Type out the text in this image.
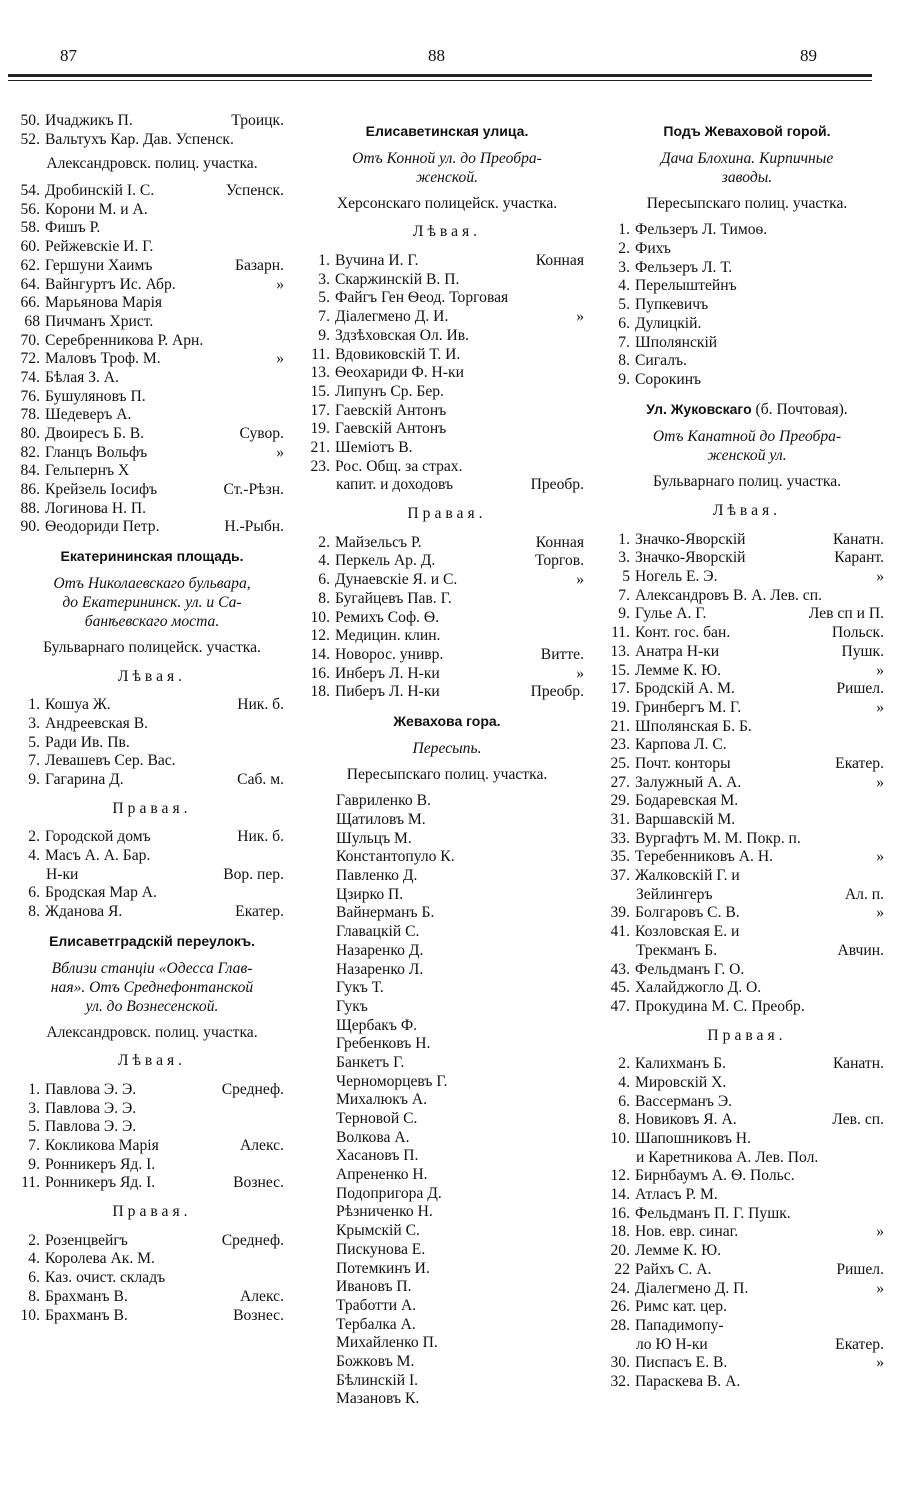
87	88	89
50. Ичаджикъ П.	Троицк.
52. Вальтухъ Кар. Дав. Успенск.
Александровск. полиц. участка.
54. Дробинскій І. С.	Успенск.
56. Корони М. и А.
58. Фишъ Р.
60. Рейжевскіе И. Г.
62. Гершуни Хаимъ	Базарн.
64. Вайнгуртъ Ис. Абр.	»
66. Марьянова Марія
68 Пичманъ Христ.
70. Серебренникова Р. Арн.
72. Маловъ Троф. М.	»
74. Бѣлая З. А.
76. Бушуляновъ П.
78. Шедеверъ А.
80. Двоиресъ Б. В.	Сувор.
82. Гланцъ Вольфъ	»
84. Гельпернъ Х
86. Крейзель Іосифъ	Ст.-Рѣзн.
88. Логинова Н. П.
90. Ѳеодориди Петр.	Н.-Рыбн.
Екатерининская площадь.
Отъ Николаевскаго бульвара,
до Екатерининск. ул. и Са-
банѣевскаго моста.
Бульварнаго полицейск. участка.
Лѣвая.
1. Кошуа Ж.	Ник. б.
3. Андреевская В.
5. Ради Ив. Пв.
7. Левашевъ Сер. Вас.
9. Гагарина Д.	Саб. м.
Правая.
2. Городской домъ	Ник. б.
4. Масъ А. А. Бар.
Н-ки	Вор. пер.
6. Бродская Мар А.
8. Жданова Я.	Екатер.
Елисаветградскій переулокъ.
Вблизи станціи «Одесса Глав-
ная». Отъ Среднефонтанской
ул. до Вознесенской.
Александровск. полиц. участка.
Лѣвая.
1. Павлова Э. Э.	Среднеф.
3. Павлова Э. Э.
5. Павлова Э. Э.
7. Кокликова Марія	Алекс.
9. Ронникеръ Яд. І.
11. Ронникеръ Яд. І.	Вознес.
Правая.
2. Розенцвейгъ	Среднеф.
4. Королева Ак. М.
6. Каз. очист. складъ
8. Брахманъ В.	Алекс.
10. Брахманъ В.	Вознес.
Елисаветинская улица.
Отъ Конной ул. до Преобра-
женской.
Херсонскаго полицейск. участка.
Лѣвая.
1. Вучина И. Г.	Конная
3. Скаржинскій В. П.
5. Файгъ Ген Ѳеод. Торговая
7. Діалегмено Д. И.	»
9. Здзѣховская Ол. Ив.
11. Вдовиковскій Т. И.
13. Ѳеохариди Ф. Н-ки
15. Липунъ Ср. Бер.
17. Гаевскій Антонъ
19. Гаевскій Антонъ
21. Шеміотъ В.
23. Рос. Общ. за страх.
капит. и доходовъ	Преобр.
Правая.
2. Майзельсъ Р.	Конная
4. Перкель Ар. Д.	Торгов.
6. Дунаевскіе Я. и С.	»
8. Бугайцевъ Пав. Г.
10. Ремихъ Соф. Ѳ.
12. Медицин. клин.
14. Новорос. унивр.	Витте.
16. Инберъ Л. Н-ки	»
18. Пиберъ Л. Н-ки	Преобр.
Жевахова гора.
Пересыпь.
Пересыпскаго полиц. участка.
Гавриленко В.
Щатиловъ М.
Шульцъ М.
Константопуло К.
Павленко Д.
Цзирко П.
Вайнерманъ Б.
Главацкій С.
Назаренко Д.
Назаренко Л.
Гукъ Т.
Гукъ
Щербакъ Ф.
Гребенковъ Н.
Банкетъ Г.
Черноморцевъ Г.
Михалюкъ А.
Терновой С.
Волкова А.
Хасановъ П.
Апрененко Н.
Подопригора Д.
Рѣзниченко Н.
Крымскій С.
Пискунова Е.
Потемкинъ И.
Ивановъ П.
Тработти А.
Тербалка А.
Михайленко П.
Божковъ М.
Бѣлинскій І.
Мазановъ К.
Подъ Жеваховой горой.
Дача Блохина. Кирпичные
заводы.
Пересыпскаго полиц. участка.
1. Фельзеръ Л. Тимоѳ.
2. Фихъ
3. Фельзеръ Л. Т.
4. Перелыштейнъ
5. Пупкевичъ
6. Дулицкій.
7. Шполянскій
8. Сигалъ.
9. Сорокинъ
Ул. Жуковскаго (б. Почтовая).
Отъ Канатной до Преобра-
женской ул.
Бульварнаго полиц. участка.
Лѣвая.
1. Значко-Яворскій	Канатн.
3. Значко-Яворскій	Карант.
5 Ногель Е. Э.	»
7. Александровъ В. А. Лев. сп.
9. Гулье А. Г.	Лев сп и П.
11. Конт. гос. бан.	Польск.
13. Анатра Н-ки	Пушк.
15. Лемме К. Ю.	»
17. Бродскій А. М.	Ришел.
19. Гринбергъ М. Г.	»
21. Шполянская Б. Б.
23. Карпова Л. С.
25. Почт. конторы	Екатер.
27. Залужный А. А.	»
29. Бодаревская М.
31. Варшавскій М.
33. Вургафтъ М. М. Покр. п.
35. Теребенниковъ А. Н.	»
37. Жалковскій Г. и
Зейлингеръ	Ал. п.
39. Болгаровъ С. В.	»
41. Козловская Е. и
Трекманъ Б.	Авчин.
43. Фельдманъ Г. О.
45. Халайджогло Д. О.
47. Прокудина М. С. Преобр.
Правая.
2. Калихманъ Б.	Канатн.
4. Мировскій Х.
6. Вассерманъ Э.
8. Новиковъ Я. А.	Лев. сп.
10. Шапошниковъ Н.
и Каретникова А. Лев. Пол.
12. Бирнбаумъ А. Ѳ. Польс.
14. Атласъ Р. М.
16. Фельдманъ П. Г. Пушк.
18. Нов. евр. синаг.	»
20. Лемме К. Ю.
22 Райхъ С. А.	Ришел.
24. Діалегмено Д. П.	»
26. Римс кат. цер.
28. Пападимопу-
ло Ю Н-ки	Екатер.
30. Писпасъ Е. В.	»
32. Параскева В. А.
